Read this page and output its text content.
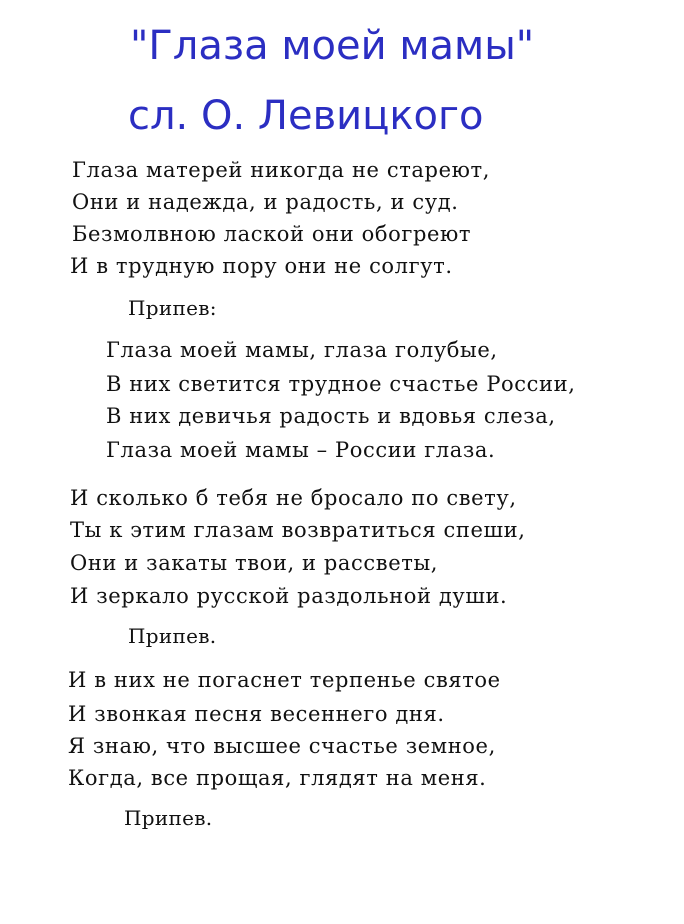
"Глаза моей мамы"
сл. О. Левицкого

Глаза матерей никогда не стареют,

Они и надежда, и радость, и суд.

Безмолвною лаской они обогреют

И в трудную пору они не солгут.

Припев:

Глаза моей мамы, глаза голубые,

В них светится трудное счастье России,

В них девичья радость и вдовья слеза,

Глаза моей мамы – России глаза.

И сколько б тебя не бросало по свету,

Ты к этим глазам возвратиться спеши,

Они и закаты твои, и рассветы,

И зеркало русской раздольной души.

Припев.

И в них не погаснет терпенье святое

И звонкая песня весеннего дня.

Я знаю, что высшее счастье земное,

Когда, все прощая, глядят на меня.

Припев.
